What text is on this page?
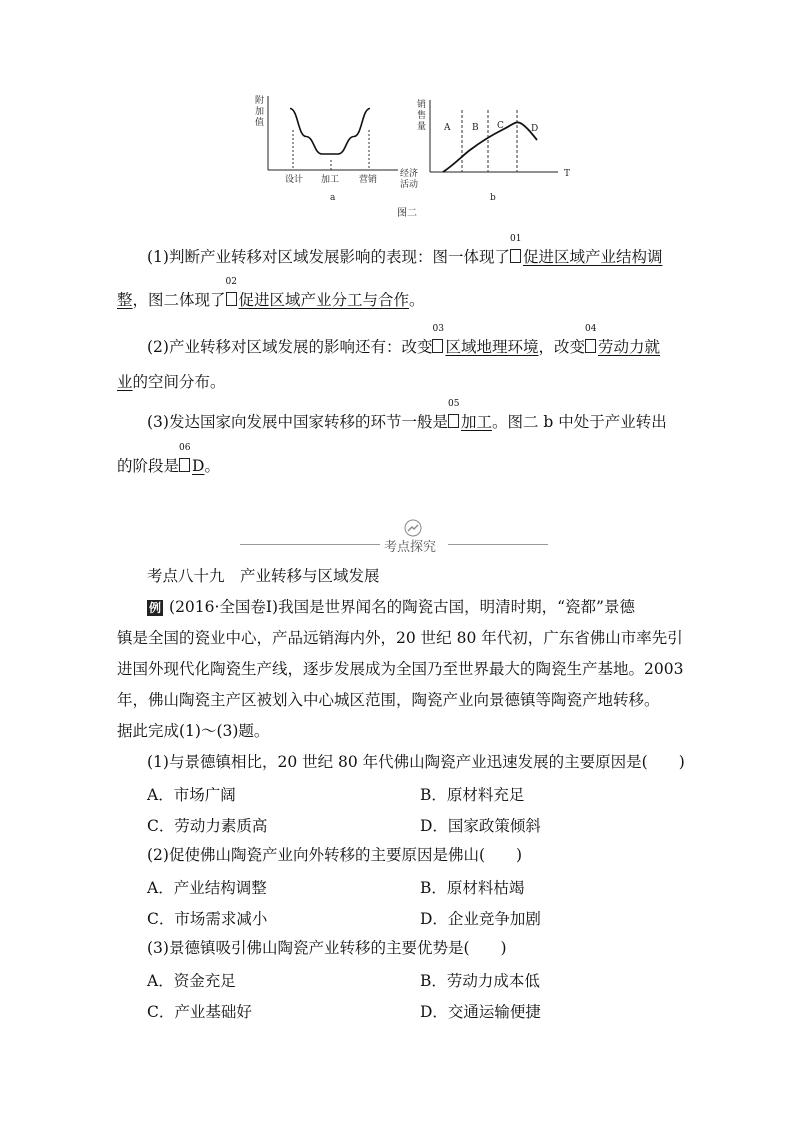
附
加
值
设计 加工 营销
经济
活动
a
销
售
量 A B C	D
T
b
图二
(1)判断产业转移对区域发展影响的表现：图一体现了
01
促进区域产业结构调
整，图二体现了
02
促进区域产业分工与合作。
(2)产业转移对区域发展的影响还有：改变
03
区域地理环境，改变
04
劳动力就
业的空间分布。
(3)发达国家向发展中国家转移的环节一般是
05
加工。图二 b 中处于产业转出
的阶段是
06
D。
考点探究
考点八十九　产业转移与区域发展
例 (2016·全国卷Ⅰ)我国是世界闻名的陶瓷古国，明清时期，“瓷都”景德
镇是全国的瓷业中心，产品远销海内外，20 世纪 80 年代初，广东省佛山市率先引
进国外现代化陶瓷生产线，逐步发展成为全国乃至世界最大的陶瓷生产基地。2003
年，佛山陶瓷主产区被划入中心城区范围，陶瓷产业向景德镇等陶瓷产地转移。
据此完成(1)～(3)题。
(1)与景德镇相比，20 世纪 80 年代佛山陶瓷产业迅速发展的主要原因是(　　)
A．市场广阔	B．原材料充足
C．劳动力素质高	D．国家政策倾斜
(2)促使佛山陶瓷产业向外转移的主要原因是佛山(　　)
A．产业结构调整	B．原材料枯竭
C．市场需求减小	D．企业竞争加剧
(3)景德镇吸引佛山陶瓷产业转移的主要优势是(　　)
A．资金充足	B．劳动力成本低
C．产业基础好	D．交通运输便捷
